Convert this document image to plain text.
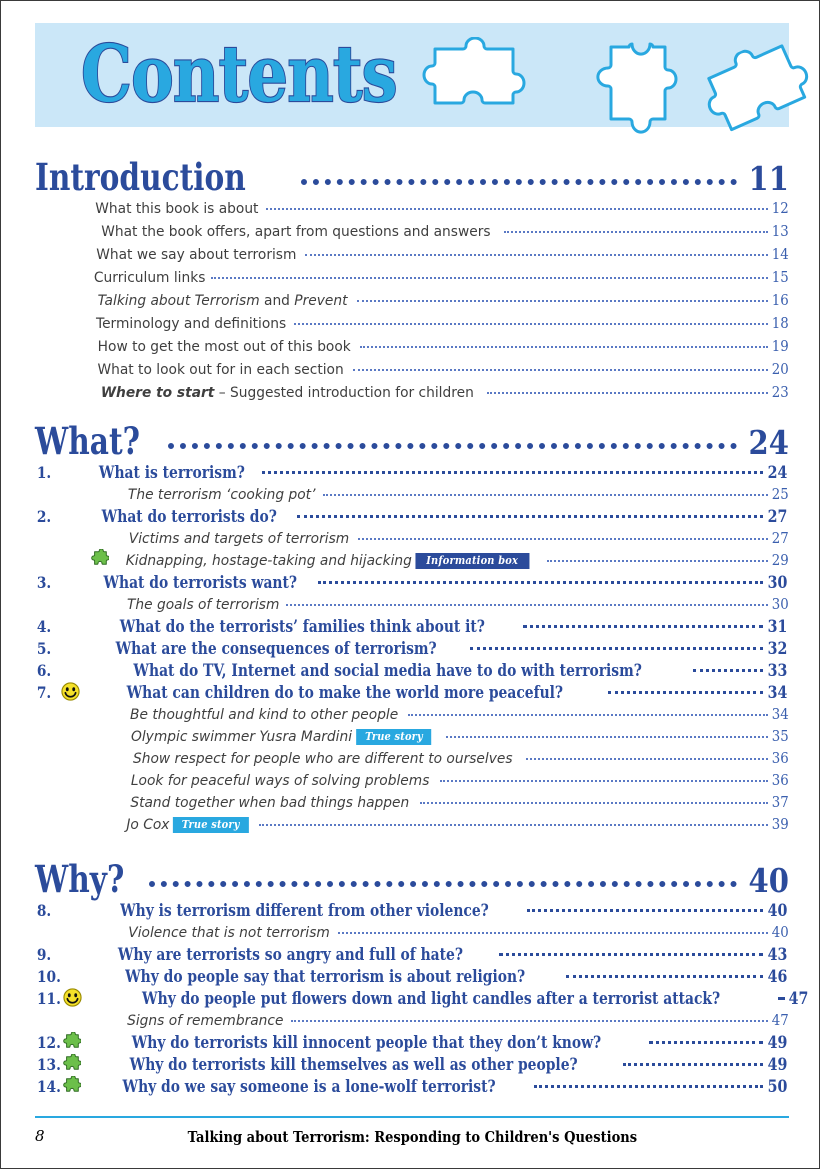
Contents
Introduction	11
What this book is about	12
What the book offers, apart from questions and answers	13
What we say about terrorism	14
Curriculum links	15
Talking about Terrorism and Prevent	16
Terminology and definitions	18
How to get the most out of this book	19
What to look out for in each section	20
Where to start – Suggested introduction for children	23
What?	24
1.	What is terrorism?	24
The terrorism ‘cooking pot’	25
2.	What do terrorists do?	27
Victims and targets of terrorism	27
Kidnapping, hostage-taking and hijacking Information box	29
3.	What do terrorists want?	30
The goals of terrorism	30
4.	What do the terrorists’ families think about it?	31
5.	What are the consequences of terrorism?	32
6.	What do TV, Internet and social media have to do with terrorism?	33
7.	What can children do to make the world more peaceful?	34
Be thoughtful and kind to other people	34
Olympic swimmer Yusra Mardini True story	35
Show respect for people who are different to ourselves	36
Look for peaceful ways of solving problems	36
Stand together when bad things happen	37
Jo Cox True story	39
Why?	40
8.	Why is terrorism different from other violence?	40
Violence that is not terrorism	40
9.	Why are terrorists so angry and full of hate?	43
10.	Why do people say that terrorism is about religion?	46
11.	Why do people put flowers down and light candles after a terrorist attack?	47
Signs of remembrance	47
12.	Why do terrorists kill innocent people that they don’t know?	49
13.	Why do terrorists kill themselves as well as other people?	49
14.	Why do we say someone is a lone-wolf terrorist?	50
8	Talking about Terrorism: Responding to Children's Questions
